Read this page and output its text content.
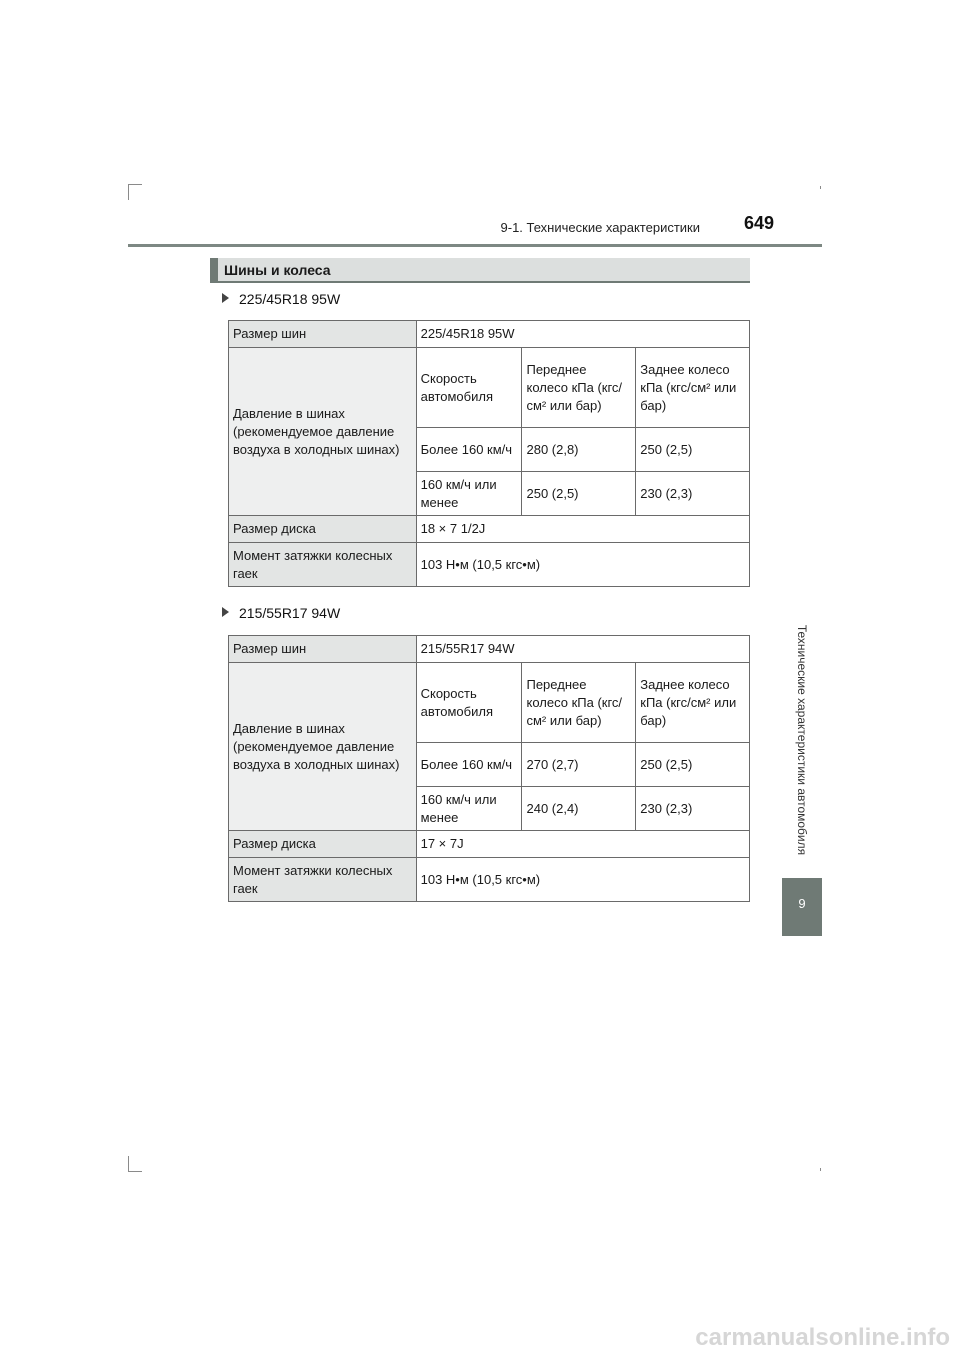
9-1. Технические характеристики 649
Шины и колеса
225/45R18 95W
Размер шин	225/45R18 95W		
Давление в шинах (рекомендуемое давление воздуха в холодных шинах)	Скорость автомобиля	Переднее колесо кПа (кгс/см² или бар)	Заднее колесо кПа (кгс/см² или бар)
	Более 160 км/ч	280 (2,8)	250 (2,5)
	160 км/ч или менее	250 (2,5)	230 (2,3)
Размер диска	18 × 7 1/2J		
Момент затяжки колесных гаек	103 Н•м (10,5 кгс•м)		
215/55R17 94W
Размер шин	215/55R17 94W		
Давление в шинах (рекомендуемое давление воздуха в холодных шинах)	Скорость автомобиля	Переднее колесо кПа (кгс/см² или бар)	Заднее колесо кПа (кгс/см² или бар)
	Более 160 км/ч	270 (2,7)	250 (2,5)
	160 км/ч или менее	240 (2,4)	230 (2,3)
Размер диска	17 × 7J		
Момент затяжки колесных гаек	103 Н•м (10,5 кгс•м)		
Технические характеристики автомобиля
9
carmanualsonline.info
